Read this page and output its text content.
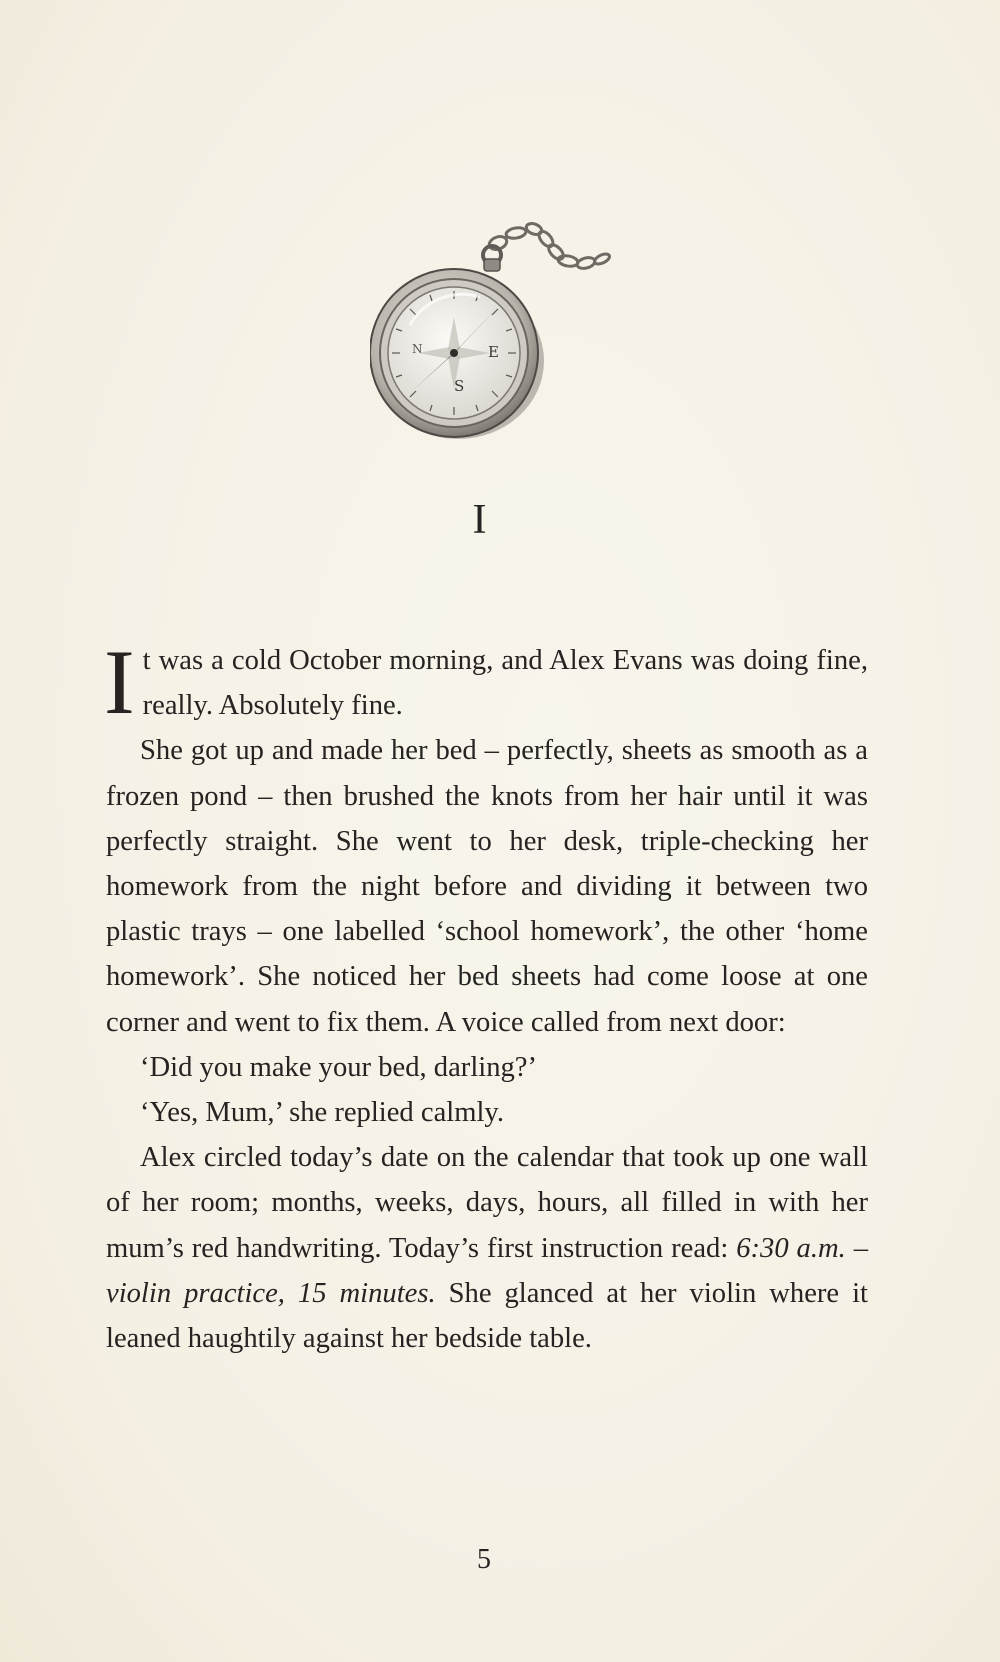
E
S
N
I

It was a cold October morning, and Alex Evans was doing fine, really. Absolutely fine.

She got up and made her bed – perfectly, sheets as smooth as a frozen pond – then brushed the knots from her hair until it was perfectly straight. She went to her desk, triple-checking her homework from the night before and dividing it between two plastic trays – one labelled ‘school homework’, the other ‘home homework’. She noticed her bed sheets had come loose at one corner and went to fix them. A voice called from next door:

‘Did you make your bed, darling?’

‘Yes, Mum,’ she replied calmly.

Alex circled today’s date on the calendar that took up one wall of her room; months, weeks, days, hours, all filled in with her mum’s red handwriting. Today’s first instruction read: 6:30 a.m. – violin practice, 15 minutes. She glanced at her violin where it leaned haughtily against her bedside table.

5
